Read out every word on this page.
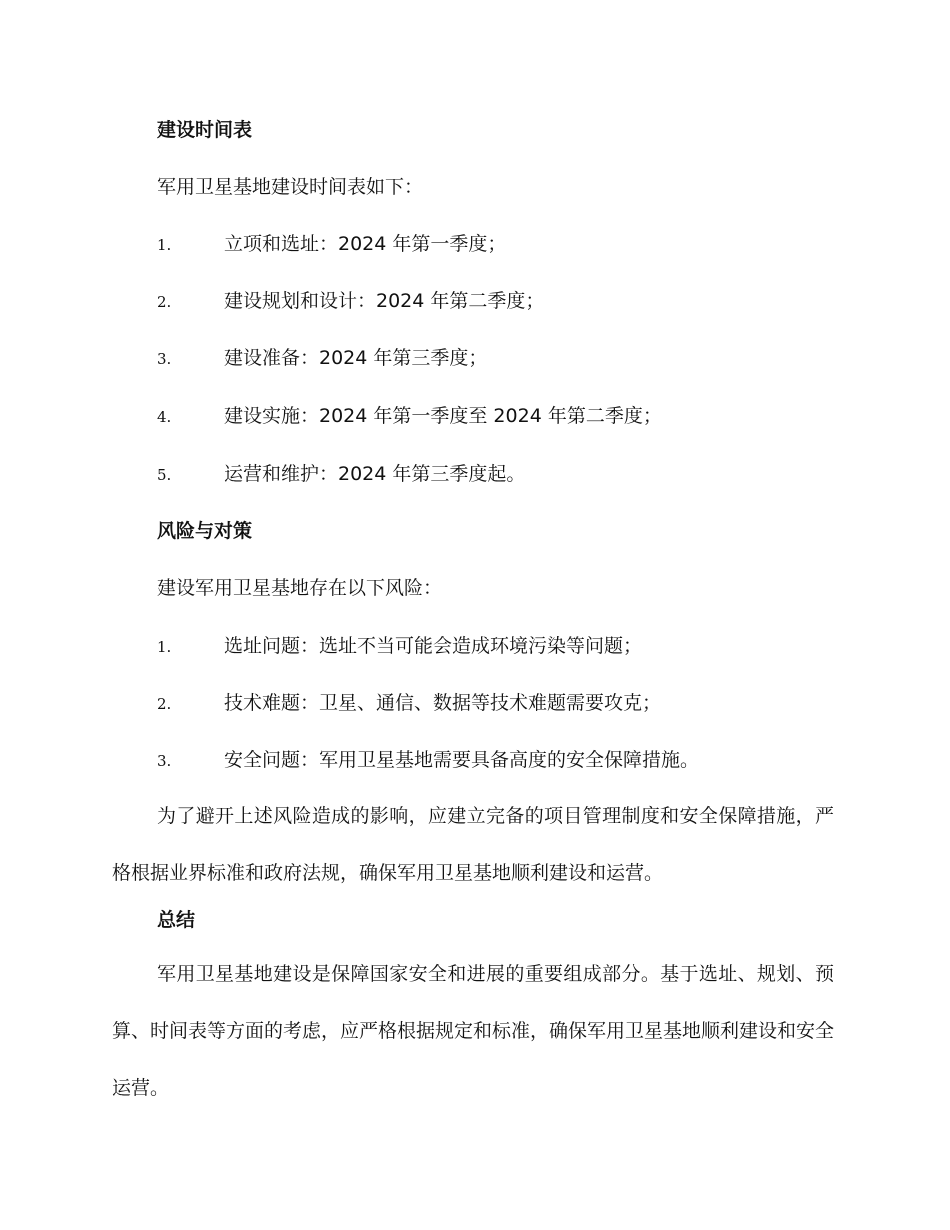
建设时间表
军用卫星基地建设时间表如下：
1.	立项和选址：2024 年第一季度；
2.	建设规划和设计：2024 年第二季度；
3.	建设准备：2024 年第三季度；
4.	建设实施：2024 年第一季度至 2024 年第二季度；
5.	运营和维护：2024 年第三季度起。
风险与对策
建设军用卫星基地存在以下风险：
1.	选址问题：选址不当可能会造成环境污染等问题；
2.	技术难题：卫星、通信、数据等技术难题需要攻克；
3.	安全问题：军用卫星基地需要具备高度的安全保障措施。
为了避开上述风险造成的影响，应建立完备的项目管理制度和安全保障措施，严格根据业界标准和政府法规，确保军用卫星基地顺利建设和运营。
总结
军用卫星基地建设是保障国家安全和进展的重要组成部分。基于选址、规划、预算、时间表等方面的考虑，应严格根据规定和标准，确保军用卫星基地顺利建设和安全运营。
